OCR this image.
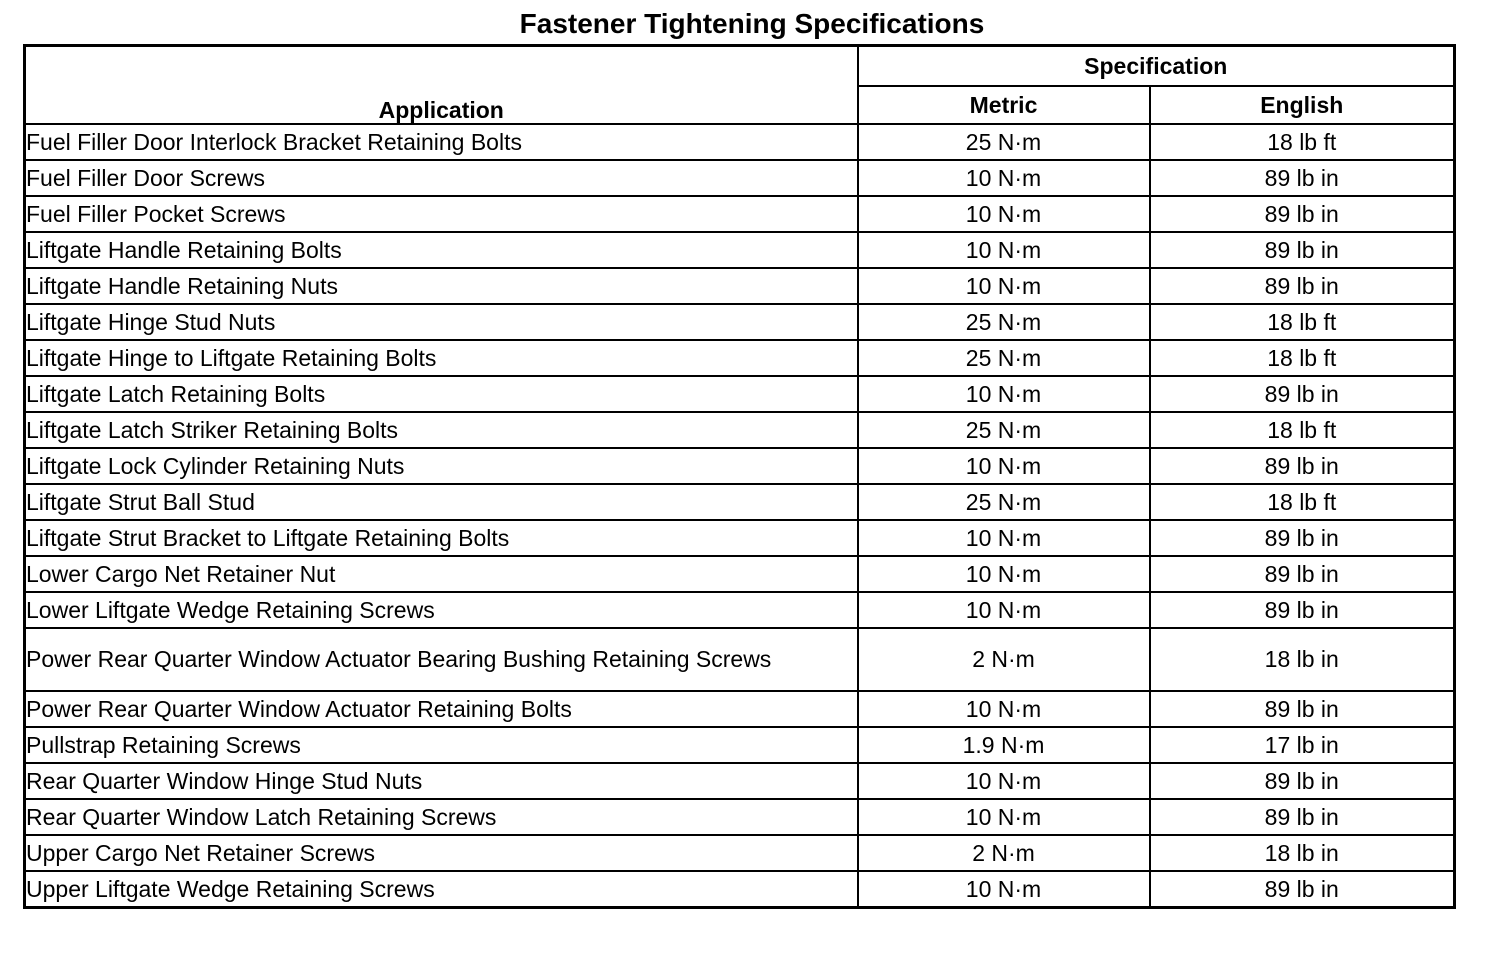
Fastener Tightening Specifications
Application	Specification	
	Metric	English
Fuel Filler Door Interlock Bracket Retaining Bolts	25 N·m	18 lb ft
Fuel Filler Door Screws	10 N·m	89 lb in
Fuel Filler Pocket Screws	10 N·m	89 lb in
Liftgate Handle Retaining Bolts	10 N·m	89 lb in
Liftgate Handle Retaining Nuts	10 N·m	89 lb in
Liftgate Hinge Stud Nuts	25 N·m	18 lb ft
Liftgate Hinge to Liftgate Retaining Bolts	25 N·m	18 lb ft
Liftgate Latch Retaining Bolts	10 N·m	89 lb in
Liftgate Latch Striker Retaining Bolts	25 N·m	18 lb ft
Liftgate Lock Cylinder Retaining Nuts	10 N·m	89 lb in
Liftgate Strut Ball Stud	25 N·m	18 lb ft
Liftgate Strut Bracket to Liftgate Retaining Bolts	10 N·m	89 lb in
Lower Cargo Net Retainer Nut	10 N·m	89 lb in
Lower Liftgate Wedge Retaining Screws	10 N·m	89 lb in
Power Rear Quarter Window Actuator Bearing Bushing Retaining Screws	2 N·m	18 lb in
Power Rear Quarter Window Actuator Retaining Bolts	10 N·m	89 lb in
Pullstrap Retaining Screws	1.9 N·m	17 lb in
Rear Quarter Window Hinge Stud Nuts	10 N·m	89 lb in
Rear Quarter Window Latch Retaining Screws	10 N·m	89 lb in
Upper Cargo Net Retainer Screws	2 N·m	18 lb in
Upper Liftgate Wedge Retaining Screws	10 N·m	89 lb in
